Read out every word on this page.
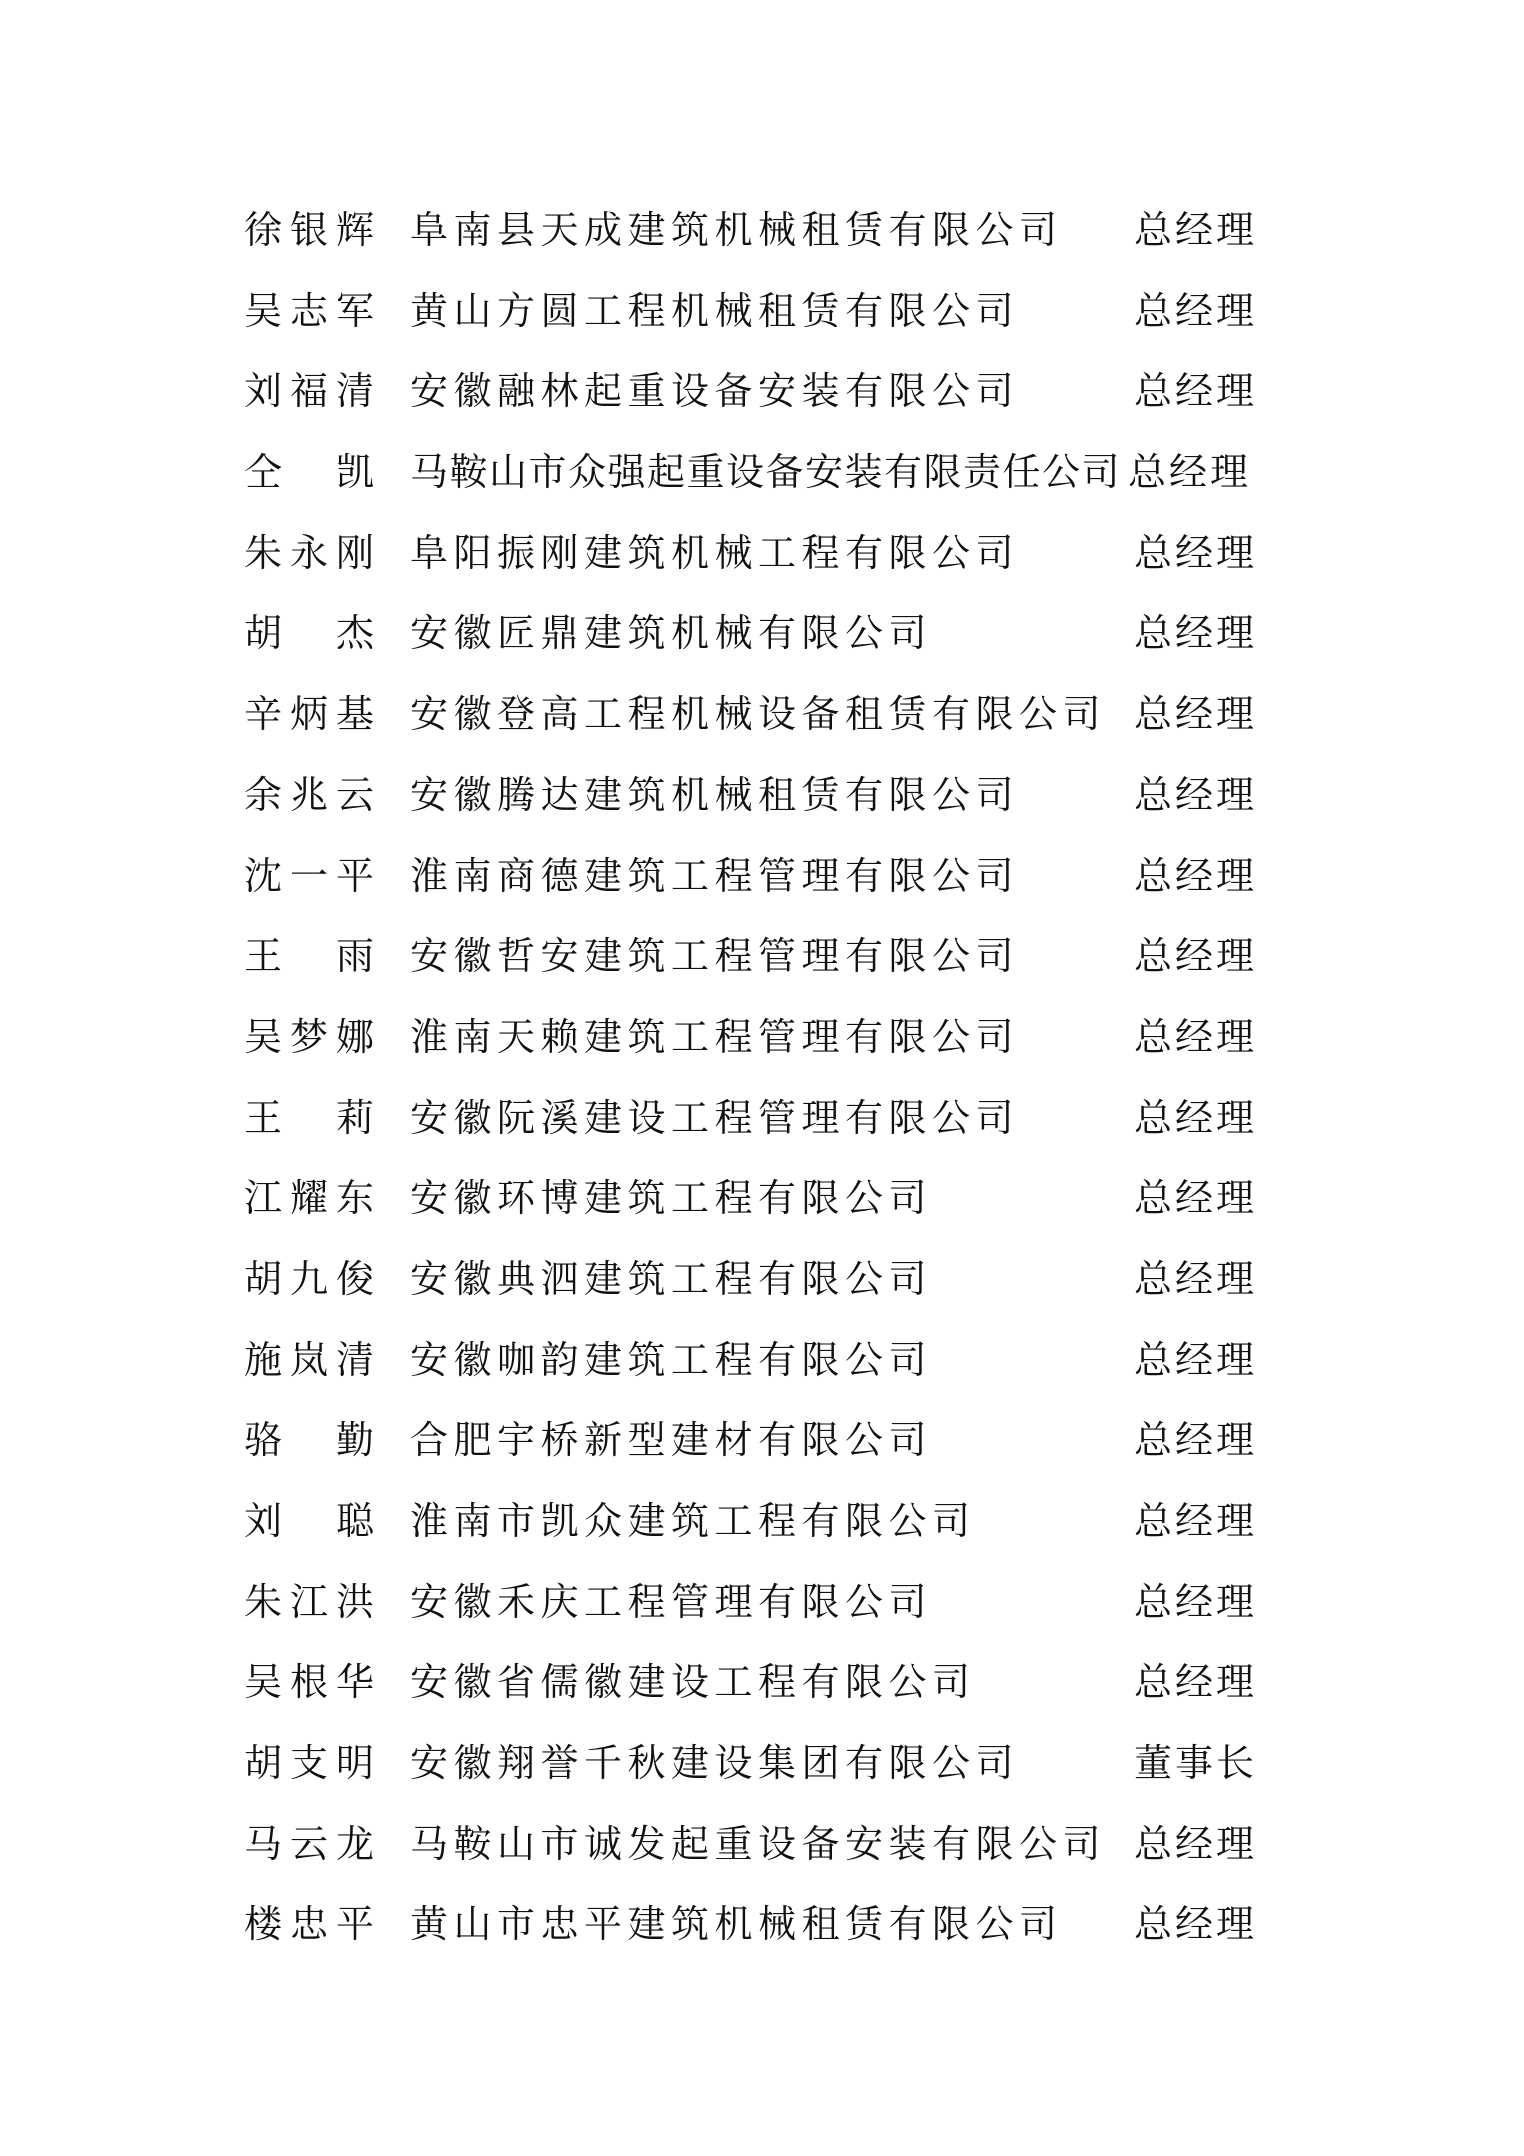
徐 银 辉 阜南县天成建筑机械租赁有限公司 总经理
吴 志 军 黄山方圆工程机械租赁有限公司	总经理
刘 福 清 安徽融林起重设备安装有限公司	总经理
仝 凯 马鞍山市众强起重设备安装有限责任公司 总经理
朱 永 刚 阜阳振刚建筑机械工程有限公司	总经理
胡 杰 安徽匠鼎建筑机械有限公司	总经理
辛 炳 基 安徽登高工程机械设备租赁有限公司 总经理
余 兆 云 安徽腾达建筑机械租赁有限公司	总经理
沈 一 平 淮南商德建筑工程管理有限公司	总经理
王 雨 安徽哲安建筑工程管理有限公司	总经理
吴 梦 娜 淮南天赖建筑工程管理有限公司	总经理
王 莉 安徽阮溪建设工程管理有限公司	总经理
江 耀 东 安徽环博建筑工程有限公司	总经理
胡 九 俊 安徽典泗建筑工程有限公司	总经理
施 岚 清 安徽咖韵建筑工程有限公司	总经理
骆 勤 合肥宇桥新型建材有限公司	总经理
刘 聪 淮南市凯众建筑工程有限公司	总经理
朱 江 洪 安徽禾庆工程管理有限公司	总经理
吴 根 华 安徽省儒徽建设工程有限公司	总经理
胡 支 明 安徽翔誉千秋建设集团有限公司	董事长
马 云 龙 马鞍山市诚发起重设备安装有限公司 总经理
楼 忠 平 黄山市忠平建筑机械租赁有限公司 总经理
